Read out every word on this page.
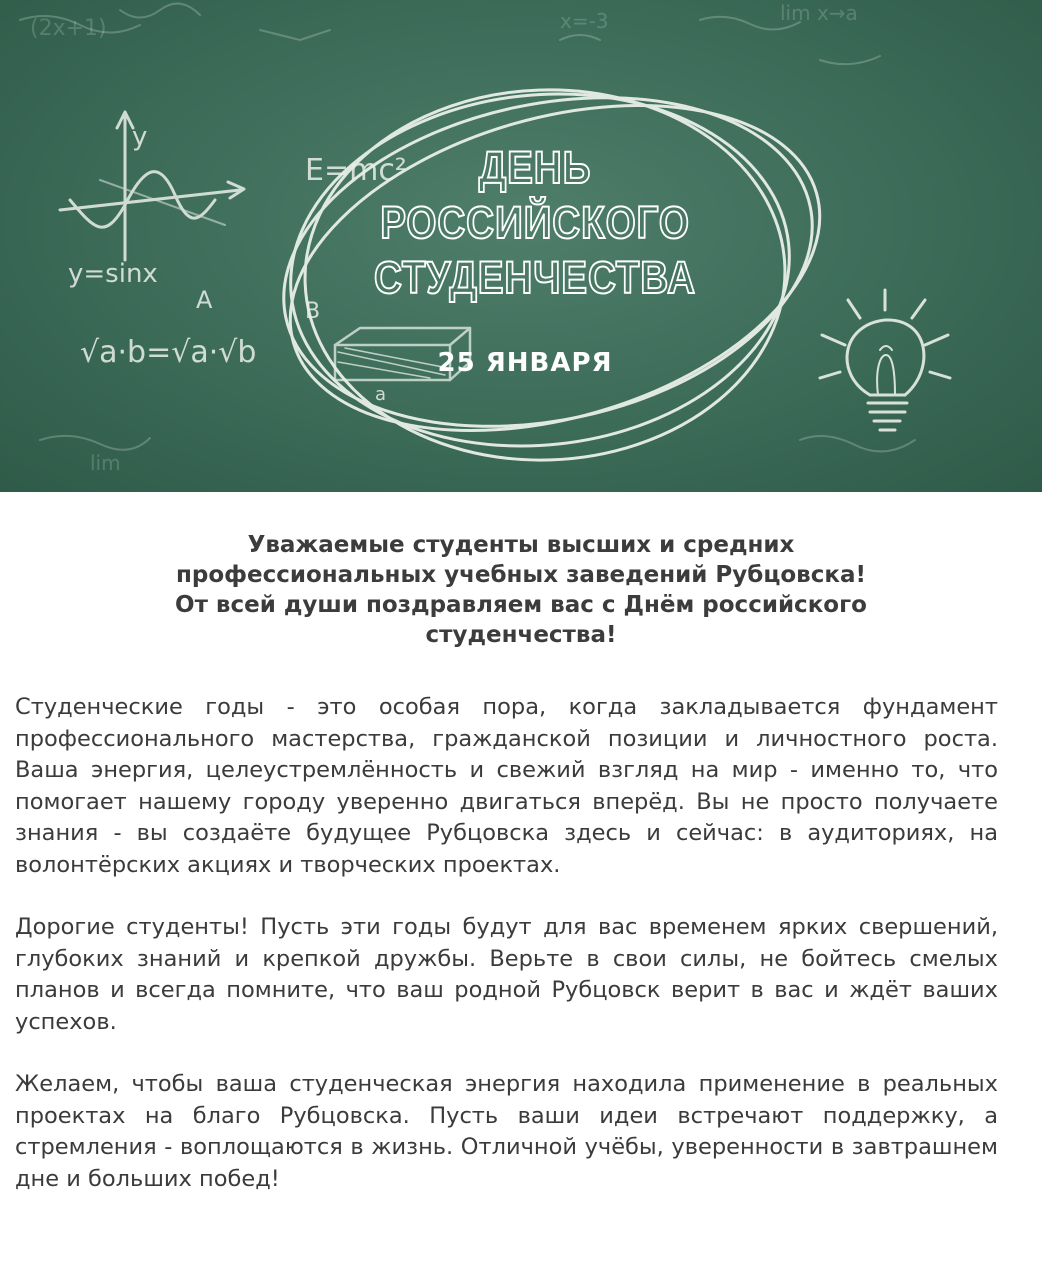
(2x+1)
lim x→a
lim
x=-3
y
y=sinx
√a·b=√a·√b
E=mc²
A	B
a
ДЕНЬ
РОССИЙСКОГО
СТУДЕНЧЕСТВА
25 ЯНВАРЯ
Уважаемые студенты высших и средних
профессиональных учебных заведений Рубцовска!
От всей души поздравляем вас с Днём российского
студенчества!

Студенческие годы - это особая пора, когда закладывается фундамент профессионального мастерства, гражданской позиции и личностного роста. Ваша энергия, целеустремлённость и свежий взгляд на мир - именно то, что помогает нашему городу уверенно двигаться вперёд. Вы не просто получаете знания - вы создаёте будущее Рубцовска здесь и сейчас: в аудиториях, на волонтёрских акциях и творческих проектах.

Дорогие студенты! Пусть эти годы будут для вас временем ярких свершений, глубоких знаний и крепкой дружбы. Верьте в свои силы, не бойтесь смелых планов и всегда помните, что ваш родной Рубцовск верит в вас и ждёт ваших успехов.

Желаем, чтобы ваша студенческая энергия находила применение в реальных проектах на благо Рубцовска. Пусть ваши идеи встречают поддержку, а стремления - воплощаются в жизнь. Отличной учёбы, уверенности в завтрашнем дне и больших побед!
